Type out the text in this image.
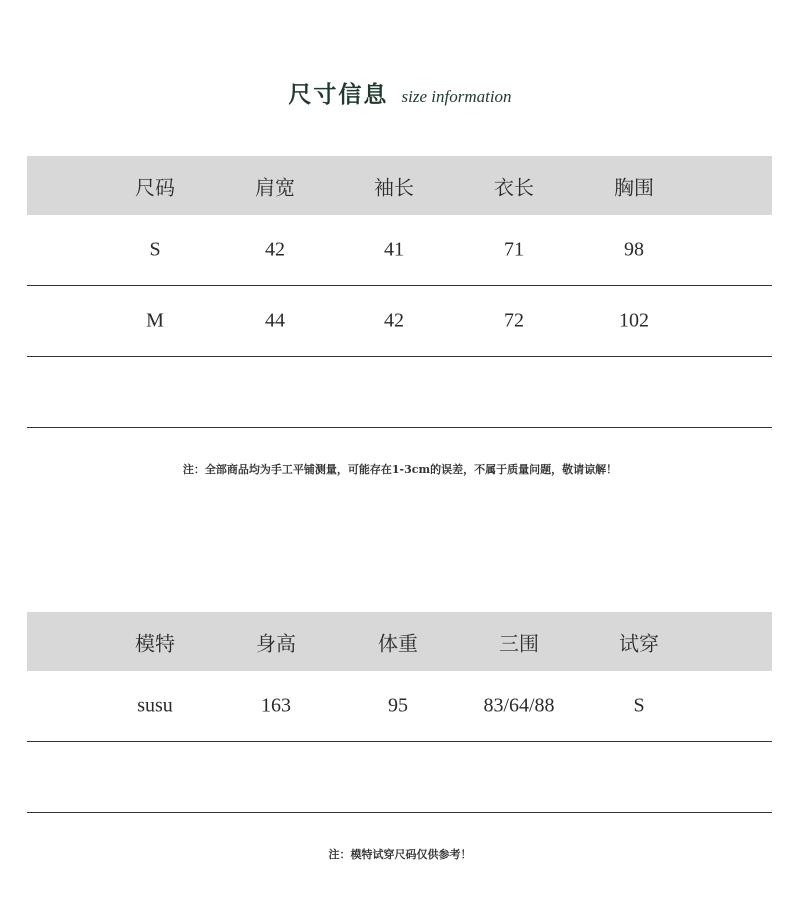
尺寸信息 size information
尺码	肩宽	袖长	衣长	胸围
S	42	41	71	98
M	44	42	72	102
注：全部商品均为手工平铺测量，可能存在1-3cm的误差，不属于质量问题，敬请谅解！
模特	身高	体重	三围	试穿
susu	163	95	83/64/88	S
注：模特试穿尺码仅供参考！
